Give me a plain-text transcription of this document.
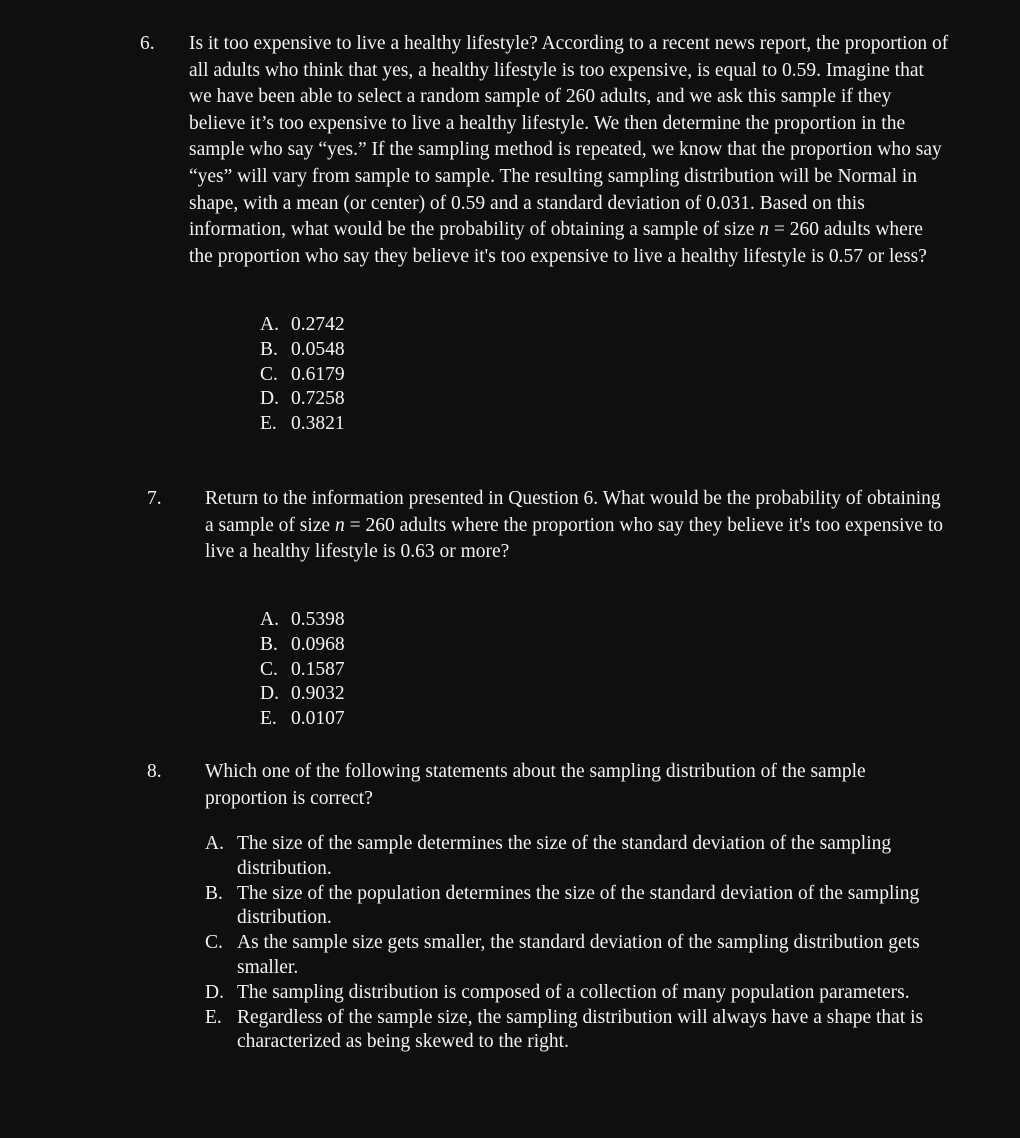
6. Is it too expensive to live a healthy lifestyle? According to a recent news report, the proportion of all adults who think that yes, a healthy lifestyle is too expensive, is equal to 0.59. Imagine that we have been able to select a random sample of 260 adults, and we ask this sample if they believe it’s too expensive to live a healthy lifestyle. We then determine the proportion in the sample who say “yes.” If the sampling method is repeated, we know that the proportion who say “yes” will vary from sample to sample. The resulting sampling distribution will be Normal in shape, with a mean (or center) of 0.59 and a standard deviation of 0.031. Based on this information, what would be the probability of obtaining a sample of size n = 260 adults where the proportion who say they believe it's too expensive to live a healthy lifestyle is 0.57 or less?
A. 0.2742
B. 0.0548
C. 0.6179
D. 0.7258
E. 0.3821
7. Return to the information presented in Question 6. What would be the probability of obtaining a sample of size n = 260 adults where the proportion who say they believe it's too expensive to live a healthy lifestyle is 0.63 or more?
A. 0.5398
B. 0.0968
C. 0.1587
D. 0.9032
E. 0.0107
8. Which one of the following statements about the sampling distribution of the sample proportion is correct?
A. The size of the sample determines the size of the standard deviation of the sampling distribution.
B. The size of the population determines the size of the standard deviation of the sampling distribution.
C. As the sample size gets smaller, the standard deviation of the sampling distribution gets smaller.
D. The sampling distribution is composed of a collection of many population parameters.
E. Regardless of the sample size, the sampling distribution will always have a shape that is characterized as being skewed to the right.
